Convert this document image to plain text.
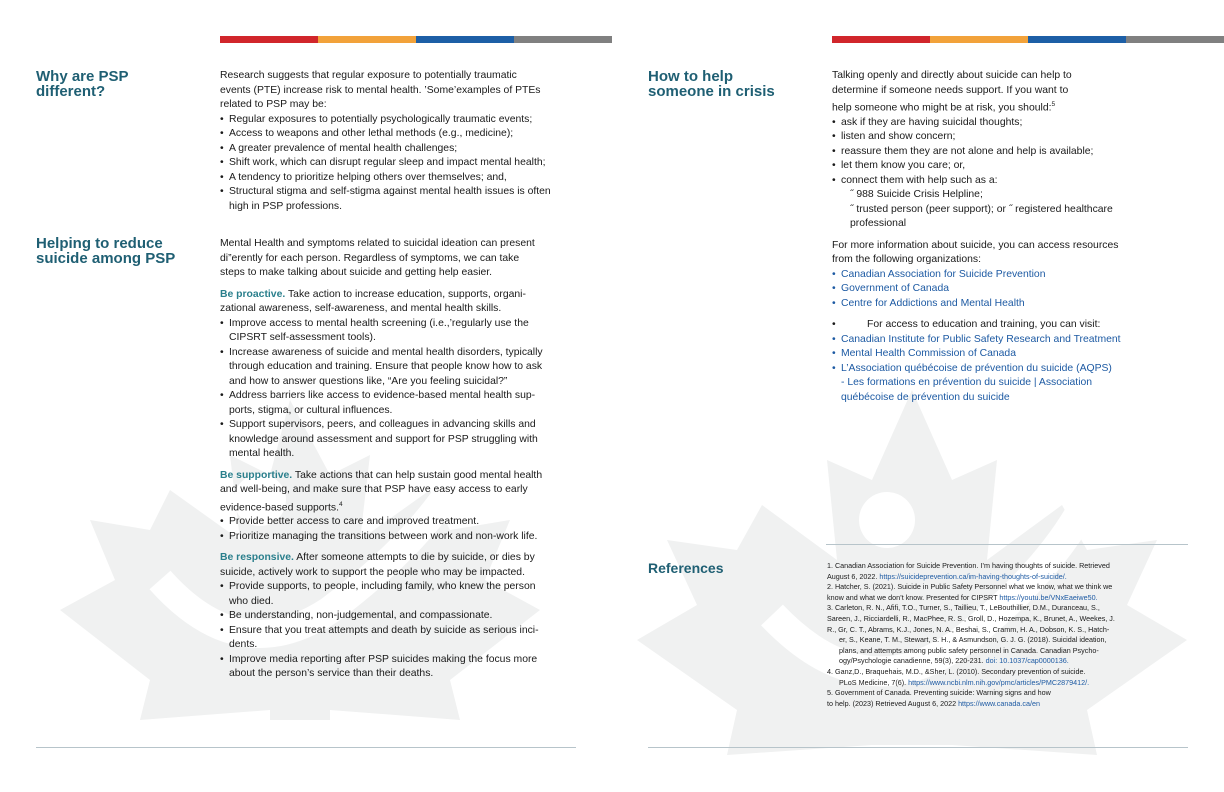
Why are PSP
different?

Research suggests that regular exposure to potentially traumatic

events (PTE) increase risk to mental health. ’Some’examples of PTEs

related to PSP may be:

• Regular exposures to potentially psychologically traumatic events;
• Access to weapons and other lethal methods (e.g., medicine);
• A greater prevalence of mental health challenges;
• Shift work, which can disrupt regular sleep and impact mental health;
• A tendency to prioritize helping others over themselves; and,
• Structural stigma and self-stigma against mental health issues is often
high in PSP professions.
Helping to reduce
suicide among PSP

Mental Health and symptoms related to suicidal ideation can present

di”erently for each person. Regardless of symptoms, we can take

steps to make talking about suicide and getting help easier.

Be proactive. Take action to increase education, supports, organi-

zational awareness, self-awareness, and mental health skills.

• Improve access to mental health screening (i.e.,’regularly use the
CIPSRT self-assessment tools).
• Increase awareness of suicide and mental health disorders, typically
through education and training. Ensure that people know how to ask
and how to answer questions like, “Are you feeling suicidal?”
• Address barriers like access to evidence-based mental health sup-
ports, stigma, or cultural influences.
• Support supervisors, peers, and colleagues in advancing skills and
knowledge around assessment and support for PSP struggling with
mental health.

Be supportive. Take actions that can help sustain good mental health

and well-being, and make sure that PSP have easy access to early

evidence-based supports.$^4$

• Provide better access to care and improved treatment.
• Prioritize managing the transitions between work and non-work life.

Be responsive. After someone attempts to die by suicide, or dies by

suicide, actively work to support the people who may be impacted.

• Provide supports, to people, including family, who knew the person
who died.
• Be understanding, non-judgemental, and compassionate.
• Ensure that you treat attempts and death by suicide as serious inci-
dents.
• Improve media reporting after PSP suicides making the focus more
about the person’s service than their deaths.
How to help
someone in crisis

Talking openly and directly about suicide can help to

determine if someone needs support. If you want to

help someone who might be at risk, you should:$^5$

• ask if they are having suicidal thoughts;
• listen and show concern;
• reassure them they are not alone and help is available;
• let them know you care; or,
• connect them with help such as a:

˝ 988 Suicide Crisis Helpline;

˝ trusted person (peer support); or ˝ registered healthcare

professional

For more information about suicide, you can access resources

from the following organizations:

• Canadian Association for Suicide Prevention
• Government of Canada
• Centre for Addictions and Mental Health
• For access to education and training, you can visit:
• Canadian Institute for Public Safety Research and Treatment
• Mental Health Commission of Canada
• L’Association québécoise de prévention du suicide (AQPS)
- Les formations en prévention du suicide | Association
québécoise de prévention du suicide
References	1. Canadian Association for Suicide Prevention. I’m having thoughts of suicide. Retrieved

August 6, 2022. https://suicideprevention.ca/im-having-thoughts-of-suicide/.

2. Hatcher, S. (2021). Suicide in Public Safety Personnel what we know, what we think we

know and what we don’t know. Presented for CIPSRT https://youtu.be/VNxEaeiwe50.

3. Carleton, R. N., Afifi, T.O., Turner, S., Taillieu, T., LeBouthillier, D.M., Duranceau, S.,

Sareen, J., Ricciardelli, R., MacPhee, R. S., Groll, D., Hozempa, K., Brunet, A., Weekes, J.

R., Gr, C. T., Abrams, K.J., Jones, N. A., Beshai, S., Cramm, H. A., Dobson, K. S., Hatch-

er, S., Keane, T. M., Stewart, S. H., & Asmundson, G. J. G. (2018). Suicidal ideation,

plans, and attempts among public safety personnel in Canada. Canadian Psycho-

ogy/Psychologie canadienne, 59(3), 220-231. doi: 10.1037/cap0000136.

4. Ganz,D., Braquehais, M.D., &Sher, L. (2010). Secondary prevention of suicide.

PLoS Medicine, 7(6). https://www.ncbi.nlm.nih.gov/pmc/articles/PMC2879412/.

5. Government of Canada. Preventing suicide: Warning signs and how

to help. (2023) Retrieved August 6, 2022 https://www.canada.ca/en
